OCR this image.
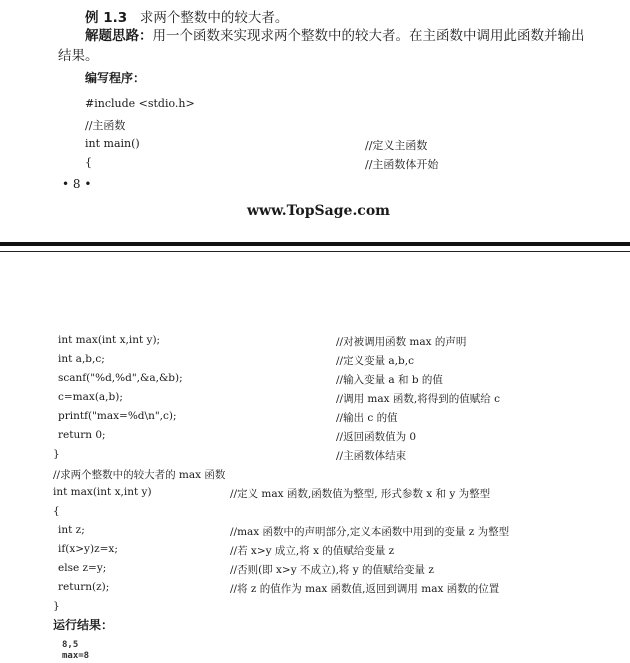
例 1.3 求两个整数中的较大者。
解题思路：用一个函数来实现求两个整数中的较大者。在主函数中调用此函数并输出
结果。
编写程序：
#include <stdio.h>
//主函数
int main()	//定义主函数
{	//主函数体开始
• 8 •
www.TopSage.com
int max(int x,int y);	//对被调用函数 max 的声明
int a,b,c;	//定义变量 a,b,c
scanf("%d,%d",&a,&b);	//输入变量 a 和 b 的值
c=max(a,b);	//调用 max 函数,将得到的值赋给 c
printf("max=%d\n",c);	//输出 c 的值
return 0;	//返回函数值为 0
}	//主函数体结束
//求两个整数中的较大者的 max 函数
int max(int x,int y)	//定义 max 函数,函数值为整型, 形式参数 x 和 y 为整型
{
int z;	//max 函数中的声明部分,定义本函数中用到的变量 z 为整型
if(x>y)z=x;	//若 x>y 成立,将 x 的值赋给变量 z
else z=y;	//否则(即 x>y 不成立),将 y 的值赋给变量 z
return(z);	//将 z 的值作为 max 函数值,返回到调用 max 函数的位置
}
运行结果：
8,5
max=8
